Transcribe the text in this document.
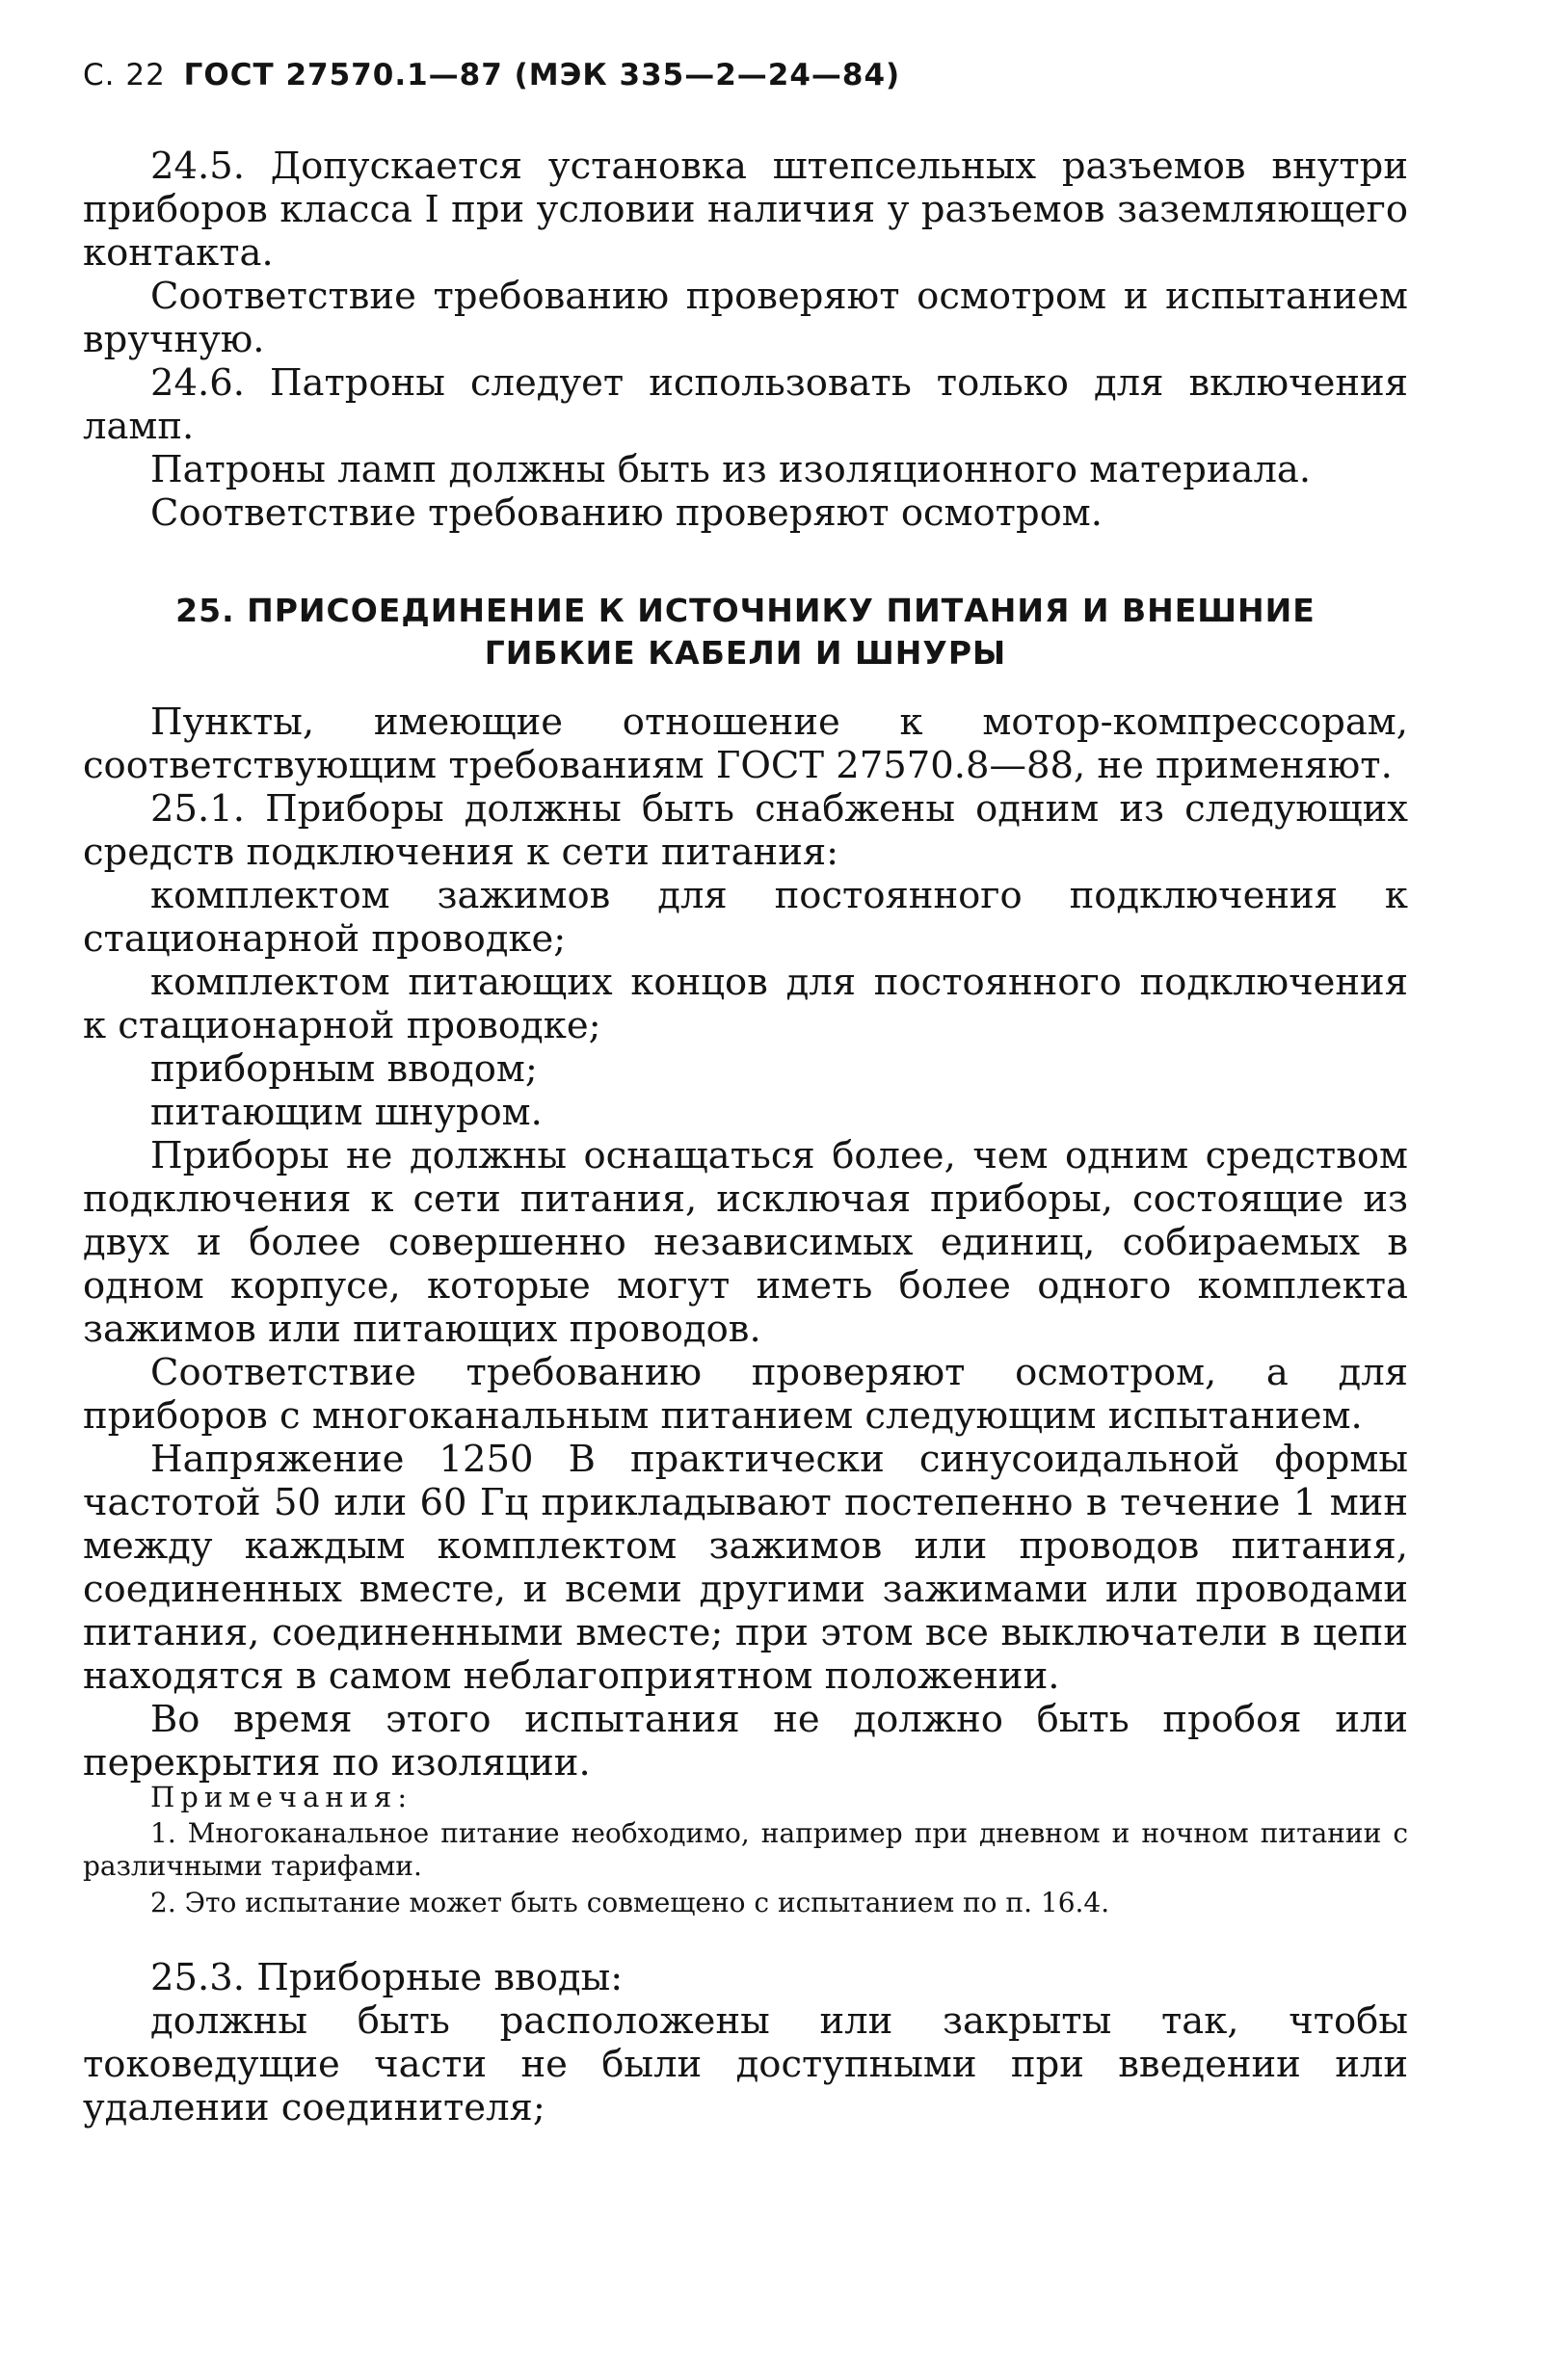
С. 22 ГОСТ 27570.1—87 (МЭК 335—2—24—84)

24.5. Допускается установка штепсельных разъемов внутри приборов класса I при условии наличия у разъемов заземляющего контакта.

Соответствие требованию проверяют осмотром и испытанием вручную.

24.6. Патроны следует использовать только для включения ламп.

Патроны ламп должны быть из изоляционного материала.

Соответствие требованию проверяют осмотром.

25. ПРИСОЕДИНЕНИЕ К ИСТОЧНИКУ ПИТАНИЯ И ВНЕШНИЕ

ГИБКИЕ КАБЕЛИ И ШНУРЫ

Пункты, имеющие отношение к мотор-компрессорам, соответствующим требованиям ГОСТ 27570.8—88, не применяют.

25.1. Приборы должны быть снабжены одним из следующих средств подключения к сети питания:

комплектом зажимов для постоянного подключения к стационарной проводке;

комплектом питающих концов для постоянного подключения к стационарной проводке;

приборным вводом;

питающим шнуром.

Приборы не должны оснащаться более, чем одним средством подключения к сети питания, исключая приборы, состоящие из двух и более совершенно независимых единиц, собираемых в одном корпусе, которые могут иметь более одного комплекта зажимов или питающих проводов.

Соответствие требованию проверяют осмотром, а для приборов с многоканальным питанием следующим испытанием.

Напряжение 1250 В практически синусоидальной формы частотой 50 или 60 Гц прикладывают постепенно в течение 1 мин между каждым комплектом зажимов или проводов питания, соединенных вместе, и всеми другими зажимами или проводами питания, соединенными вместе; при этом все выключатели в цепи находятся в самом неблагоприятном положении.

Во время этого испытания не должно быть пробоя или перекрытия по изоляции.

Примечания:

1. Многоканальное питание необходимо, например при дневном и ночном питании с различными тарифами.

2. Это испытание может быть совмещено с испытанием по п. 16.4.

25.3. Приборные вводы:

должны быть расположены или закрыты так, чтобы токоведущие части не были доступными при введении или удалении соединителя;
